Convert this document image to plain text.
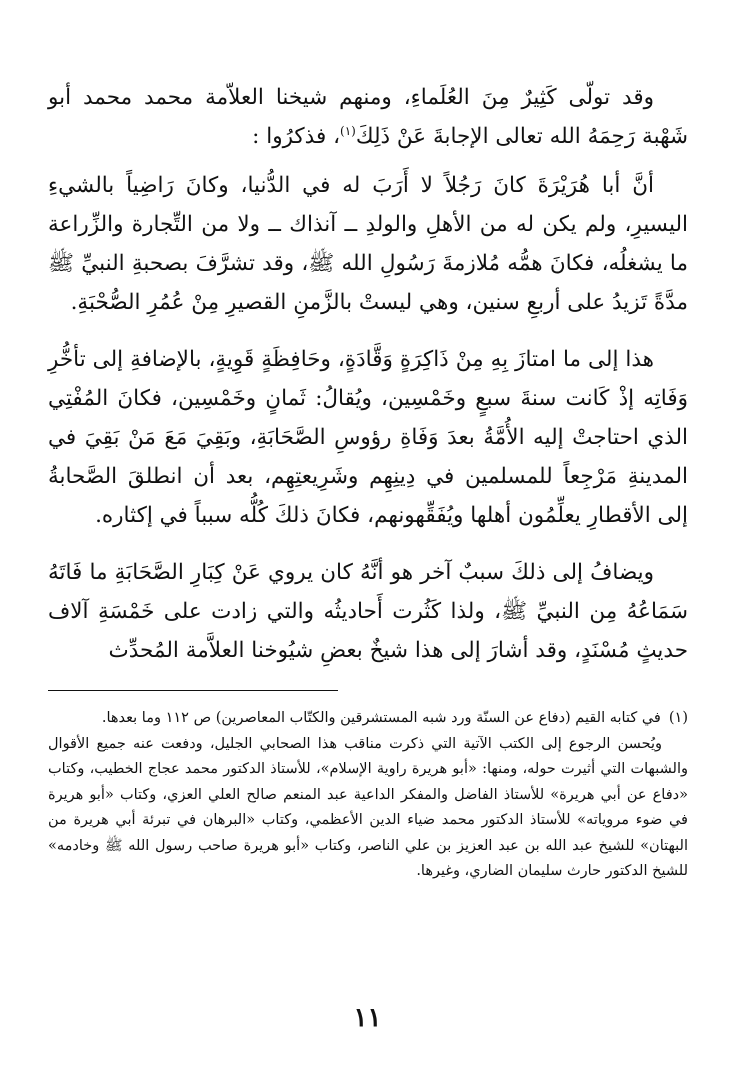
وقد تولّى كَثِيرٌ مِنَ العُلَماءِ، ومنهم شيخنا العلاّمة محمد محمد أبو شَهْبة رَحِمَهُ الله تعالى الإجابةَ عَنْ ذَلِكَ$^{(١)}$، فذكرُوا :

أنَّ أبا هُرَيْرَةَ كانَ رَجُلاً لا أَرَبَ له في الدُّنيا، وكانَ رَاضِياً بالشيءِ اليسيرِ، ولم يكن له من الأهلِ والولدِ ــ آنذاك ــ ولا من التِّجارة والزِّراعة ما يشغلُه، فكانَ همُّه مُلازمةَ رَسُولِ الله ﷺ، وقد تشرَّفَ بصحبةِ النبيِّ ﷺ مدَّةً تَزيدُ على أربعِ سنين، وهي ليستْ بالزَّمنِ القصيرِ مِنْ عُمُرِ الصُّحْبَةِ.

هذا إلى ما امتازَ بِهِ مِنْ ذَاكِرَةٍ وَقَّادَةٍ، وحَافِظَةٍ قَوِيةٍ، بالإضافةِ إلى تأخُّرِ وَفَاتِه إذْ كَانت سنةَ سبعٍ وخَمْسِين، ويُقالُ: ثَمانٍ وخَمْسِين، فكانَ المُفْتِي الذي احتاجتْ إليه الأُمَّةُ بعدَ وَفَاةِ رؤوسِ الصَّحَابَةِ، وبَقِيَ مَعَ مَنْ بَقِيَ في المدينةِ مَرْجِعاً للمسلمين في دِينِهِم وشَرِيعتِهِم، بعد أن انطلقَ الصَّحابةُ إلى الأقطارِ يعلِّمُون أهلها ويُفَقِّهونهم، فكانَ ذلكَ كُلُّه سبباً في إكثاره.

ويضافُ إلى ذلكَ سببٌ آخر هو أنَّهُ كان يروي عَنْ كِبَارِ الصَّحَابَةِ ما فَاتَهُ سَمَاعُهُ مِن النبيِّ ﷺ، ولذا كَثُرت أَحاديثُه والتي زادت على خَمْسَةِ آلاف حديثٍ مُسْنَدٍ، وقد أشارَ إلى هذا شيخٌ بعضِ شيُوخنا العلاَّمة المُحدِّث

(١)
في كتابه القيم (دفاع عن السنّة ورد شبه المستشرقين والكتّاب المعاصرين) ص ١١٢ وما بعدها.

ويُحسن الرجوع إلى الكتب الآتية التي ذكرت مناقب هذا الصحابي الجليل، ودفعت عنه جميع الأقوال والشبهات التي أثيرت حوله، ومنها: «أبو هريرة راوية الإسلام»، للأستاذ الدكتور محمد عجاج الخطيب، وكتاب «دفاع عن أبي هريرة» للأستاذ الفاضل والمفكر الداعية عبد المنعم صالح العلي العزي، وكتاب «أبو هريرة في ضوء مروياته» للأستاذ الدكتور محمد ضياء الدين الأعظمي، وكتاب «البرهان في تبرئة أبي هريرة من البهتان» للشيخ عبد الله بن عبد العزيز بن علي الناصر، وكتاب «أبو هريرة صاحب رسول الله ﷺ وخادمه» للشيخ الدكتور حارث سليمان الضاري، وغيرها.

١١
